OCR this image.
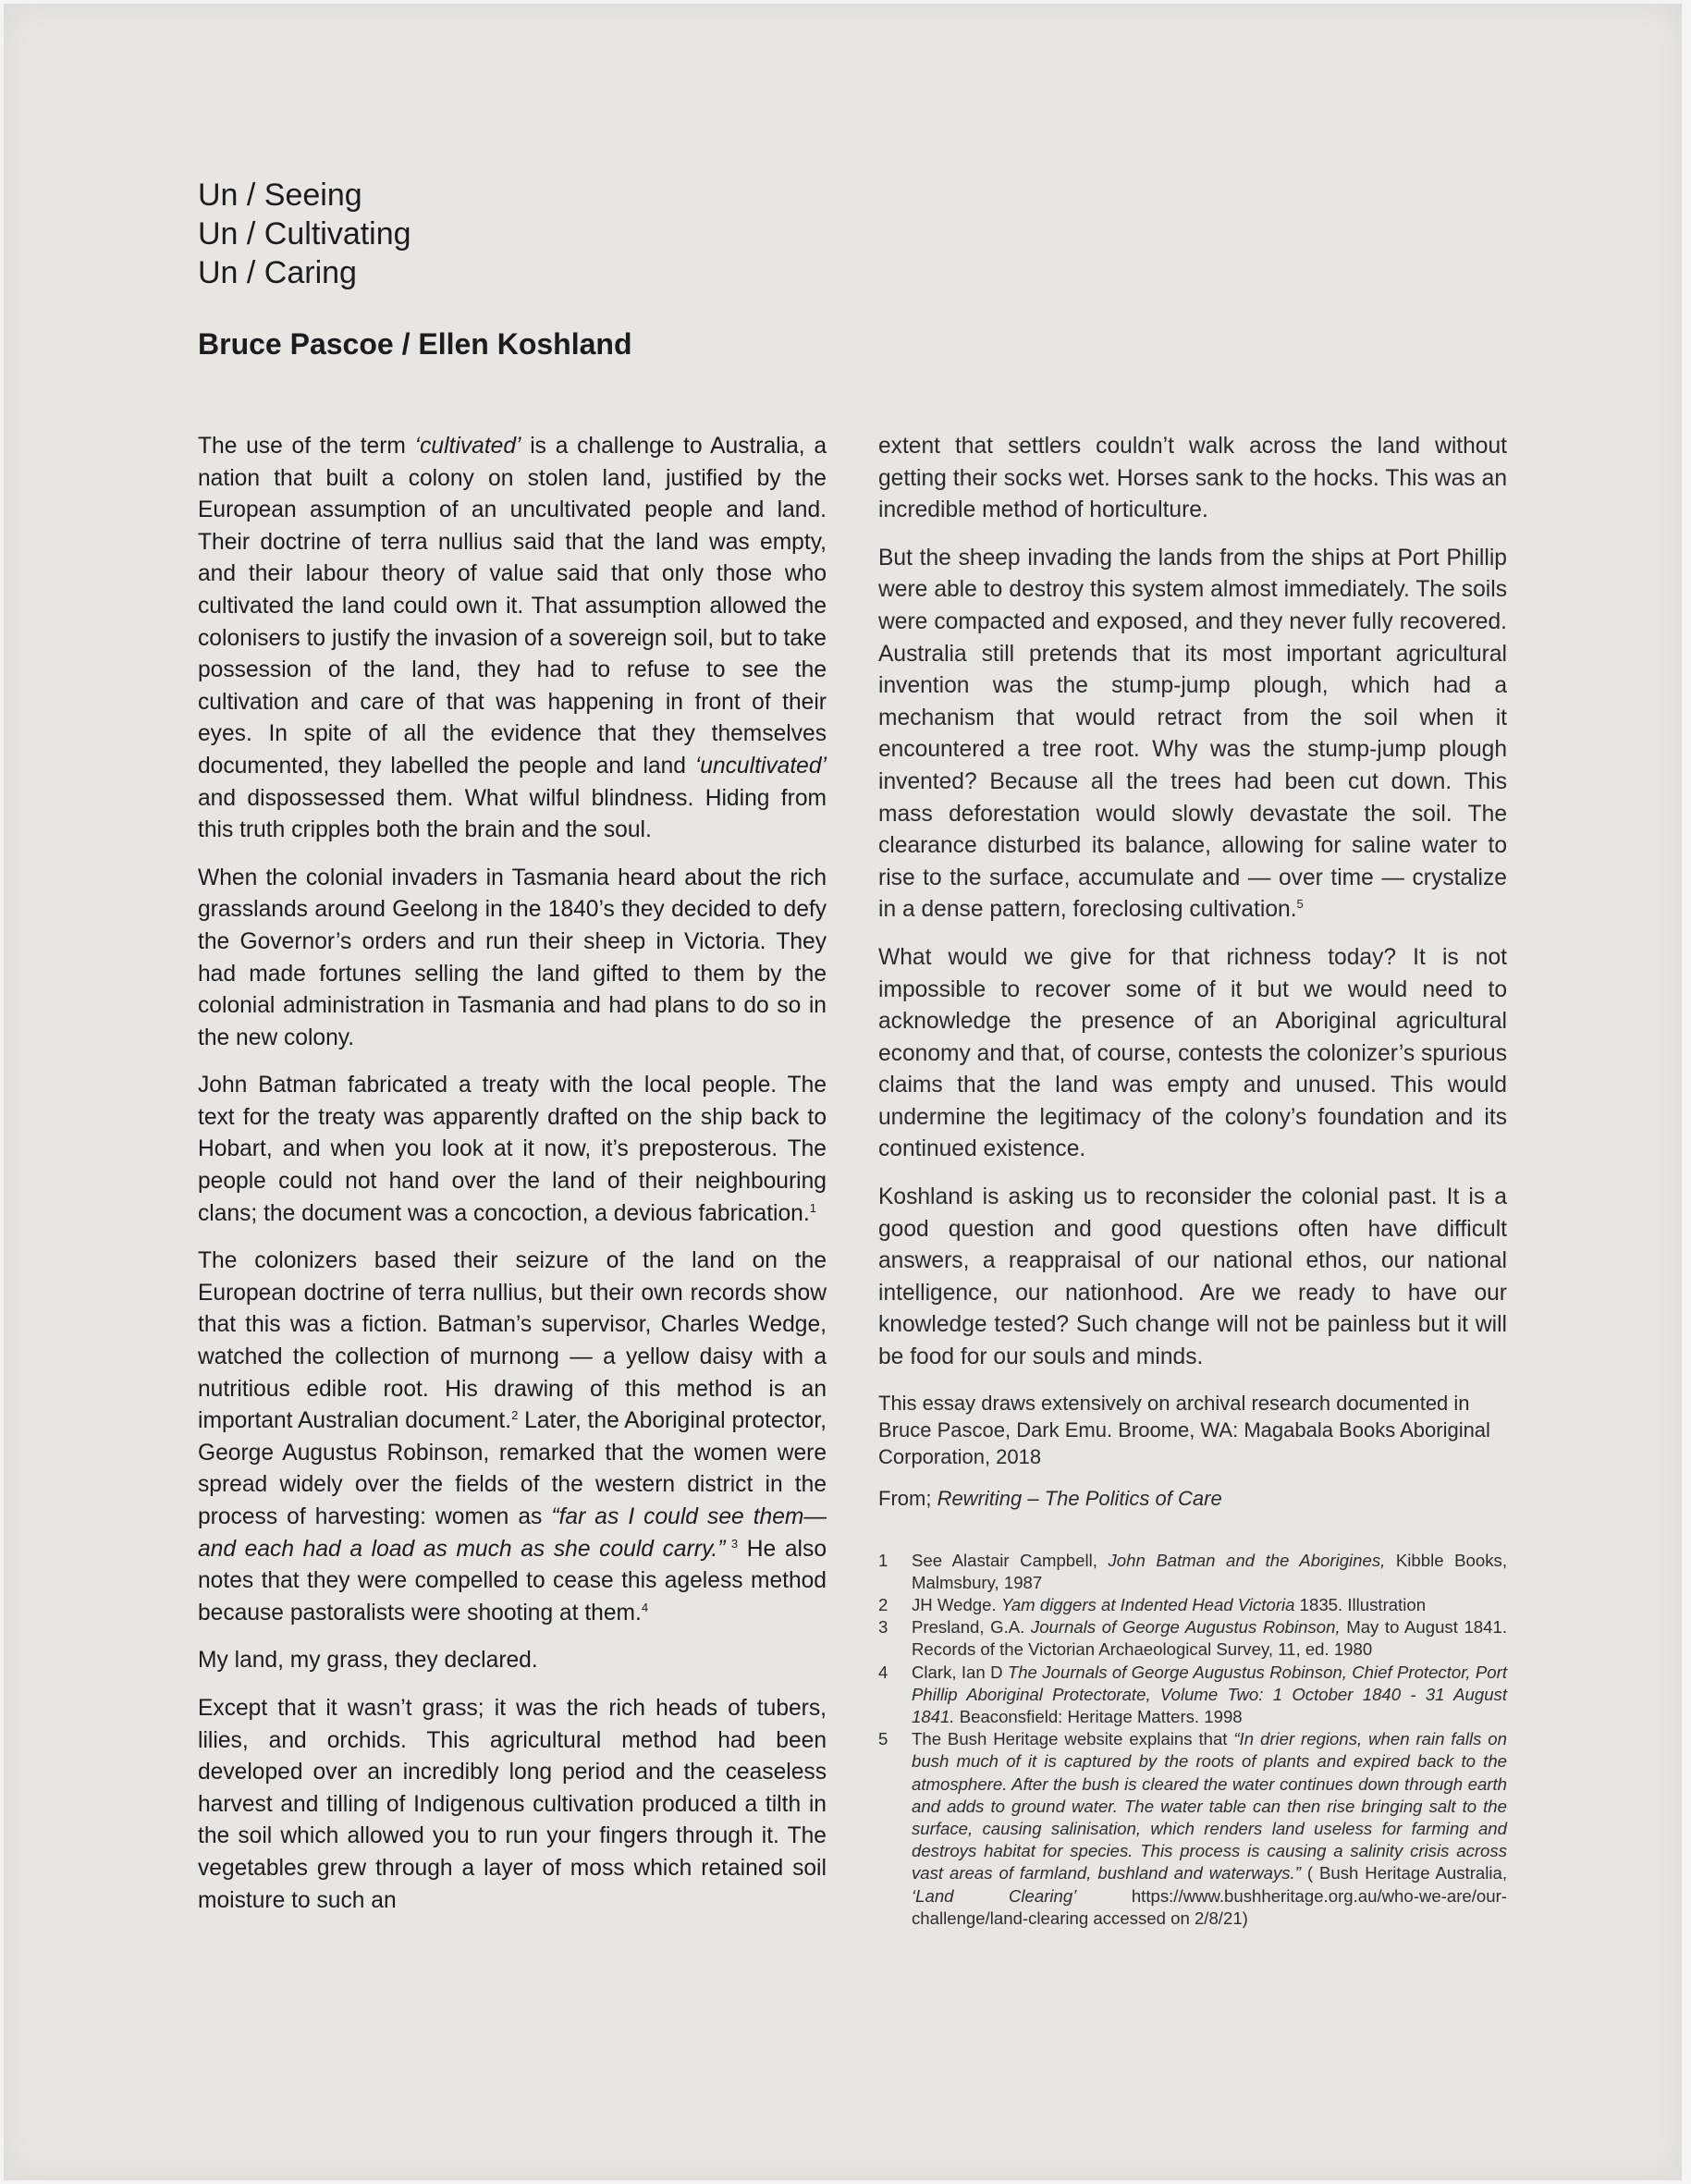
Un / Seeing

Un / Cultivating

Un / Caring

Bruce Pascoe / Ellen Koshland

The use of the term ‘cultivated’ is a challenge to Australia, a nation that built a colony on stolen land, justified by the European assumption of an uncultivated people and land. Their doctrine of terra nullius said that the land was empty, and their labour theory of value said that only those who cultivated the land could own it. That assumption allowed the colonisers to justify the invasion of a sovereign soil, but to take possession of the land, they had to refuse to see the cultivation and care of that was happening in front of their eyes. In spite of all the evidence that they themselves documented, they labelled the people and land ‘uncultivated’ and dispossessed them. What wilful blindness. Hiding from this truth cripples both the brain and the soul.

When the colonial invaders in Tasmania heard about the rich grasslands around Geelong in the 1840’s they decided to defy the Governor’s orders and run their sheep in Victoria. They had made fortunes selling the land gifted to them by the colonial administration in Tasmania and had plans to do so in the new colony.

John Batman fabricated a treaty with the local people. The text for the treaty was apparently drafted on the ship back to Hobart, and when you look at it now, it’s preposterous. The people could not hand over the land of their neighbouring clans; the document was a concoction, a devious fabrication.$^1$

The colonizers based their seizure of the land on the European doctrine of terra nullius, but their own records show that this was a fiction. Batman’s supervisor, Charles Wedge, watched the collection of murnong — a yellow daisy with a nutritious edible root. His drawing of this method is an important Australian document.$^2$ Later, the Aboriginal protector, George Augustus Robinson, remarked that the women were spread widely over the fields of the western district in the process of harvesting: women as “far as I could see them— and each had a load as much as she could carry.” $^3$ He also notes that they were compelled to cease this ageless method because pastoralists were shooting at them.$^4$

My land, my grass, they declared.

Except that it wasn’t grass; it was the rich heads of tubers, lilies, and orchids. This agricultural method had been developed over an incredibly long period and the ceaseless harvest and tilling of Indigenous cultivation produced a tilth in the soil which allowed you to run your fingers through it. The vegetables grew through a layer of moss which retained soil moisture to such an

extent that settlers couldn’t walk across the land without getting their socks wet. Horses sank to the hocks. This was an incredible method of horticulture.

But the sheep invading the lands from the ships at Port Phillip were able to destroy this system almost immediately. The soils were compacted and exposed, and they never fully recovered. Australia still pretends that its most important agricultural invention was the stump-jump plough, which had a mechanism that would retract from the soil when it encountered a tree root. Why was the stump-jump plough invented? Because all the trees had been cut down. This mass deforestation would slowly devastate the soil. The clearance disturbed its balance, allowing for saline water to rise to the surface, accumulate and — over time — crystalize in a dense pattern, foreclosing cultivation.$^5$

What would we give for that richness today? It is not impossible to recover some of it but we would need to acknowledge the presence of an Aboriginal agricultural economy and that, of course, contests the colonizer’s spurious claims that the land was empty and unused. This would undermine the legitimacy of the colony’s foundation and its continued existence.

Koshland is asking us to reconsider the colonial past. It is a good question and good questions often have difficult answers, a reappraisal of our national ethos, our national intelligence, our nationhood. Are we ready to have our knowledge tested? Such change will not be painless but it will be food for our souls and minds.

This essay draws extensively on archival research documented in Bruce Pascoe, Dark Emu. Broome, WA: Magabala Books Aboriginal Corporation, 2018

From; Rewriting – The Politics of Care

1	See Alastair Campbell, John Batman and the Aborigines, Kibble Books, Malmsbury, 1987
2	JH Wedge. Yam diggers at Indented Head Victoria 1835. Illustration
3	Presland, G.A. Journals of George Augustus Robinson, May to August 1841. Records of the Victorian Archaeological Survey, 11, ed. 1980
4	Clark, Ian D The Journals of George Augustus Robinson, Chief Protector, Port Phillip Aboriginal Protectorate, Volume Two: 1 October 1840 - 31 August 1841. Beaconsfield: Heritage Matters. 1998
5	The Bush Heritage website explains that “In drier regions, when rain falls on bush much of it is captured by the roots of plants and expired back to the atmosphere. After the bush is cleared the water continues down through earth and adds to ground water. The water table can then rise bringing salt to the surface, causing salinisation, which renders land useless for farming and destroys habitat for species. This process is causing a salinity crisis across vast areas of farmland, bushland and waterways.” ( Bush Heritage Australia, ‘Land Clearing’ https://www.bushheritage.org.au/who-we-are/our-challenge/land-clearing accessed on 2/8/21)
